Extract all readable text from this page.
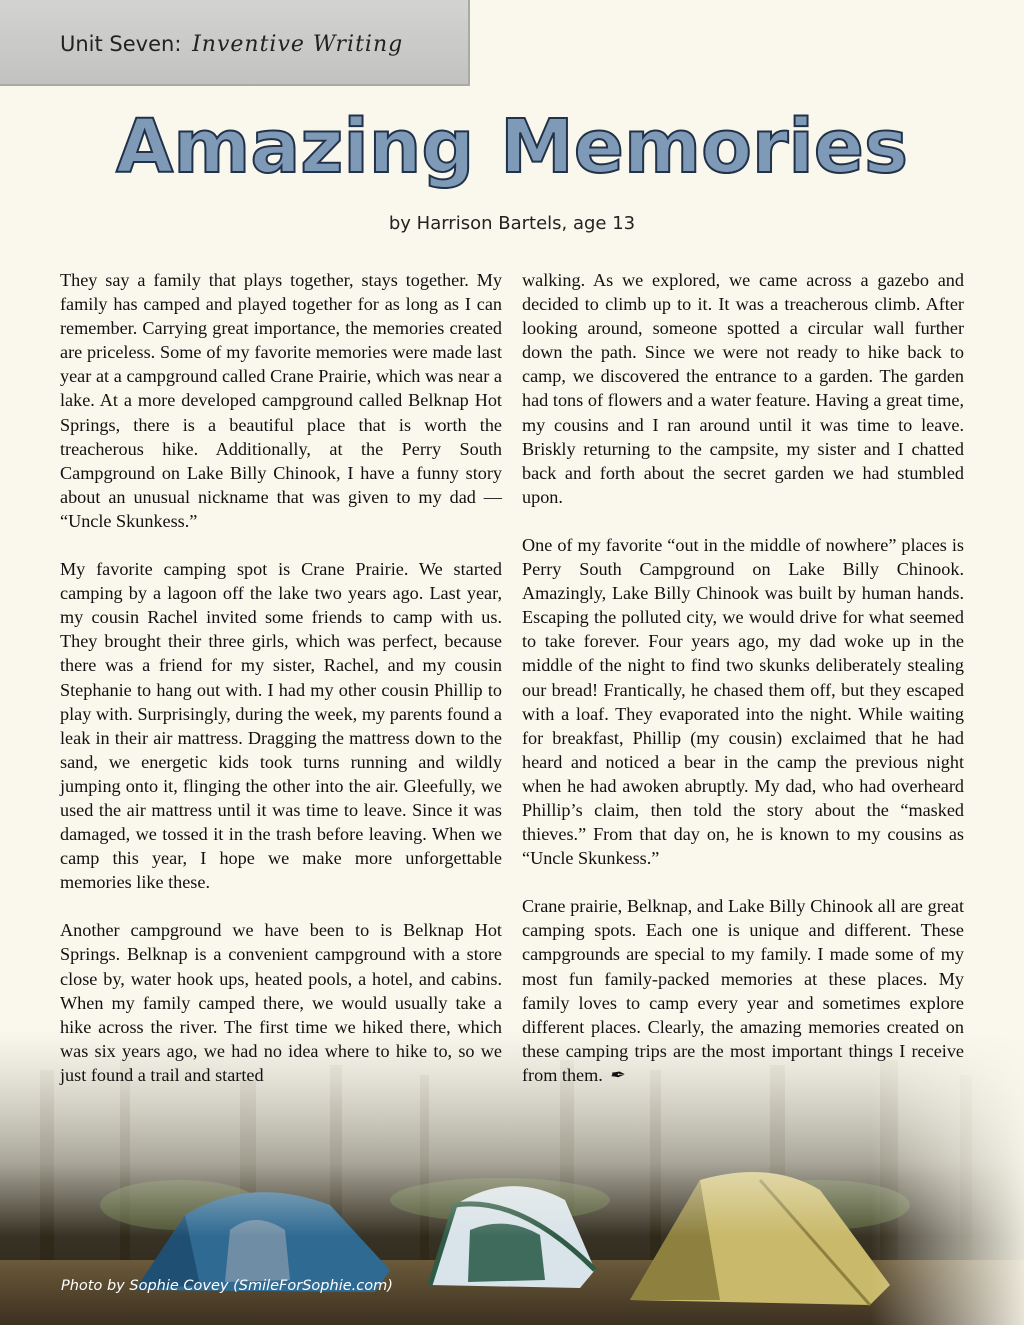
Unit Seven: Inventive Writing
Amazing Memories
by Harrison Bartels, age 13

They say a family that plays together, stays together. My family has camped and played together for as long as I can remember. Carrying great importance, the memories created are priceless. Some of my favorite memories were made last year at a campground called Crane Prairie, which was near a lake. At a more developed campground called Belknap Hot Springs, there is a beautiful place that is worth the treacherous hike. Additionally, at the Perry South Campground on Lake Billy Chinook, I have a funny story about an unusual nickname that was given to my dad — “Uncle Skunkess.”

My favorite camping spot is Crane Prairie. We started camping by a lagoon off the lake two years ago. Last year, my cousin Rachel invited some friends to camp with us. They brought their three girls, which was perfect, because there was a friend for my sister, Rachel, and my cousin Stephanie to hang out with. I had my other cousin Phillip to play with. Surprisingly, during the week, my parents found a leak in their air mattress. Dragging the mattress down to the sand, we energetic kids took turns running and wildly jumping onto it, flinging the other into the air. Gleefully, we used the air mattress until it was time to leave. Since it was damaged, we tossed it in the trash before leaving. When we camp this year, I hope we make more unforgettable memories like these.

Another campground we have been to is Belknap Hot Springs. Belknap is a convenient campground with a store close by, water hook ups, heated pools, a hotel, and cabins. When my family camped there, we would usually take a hike across the river. The first time we hiked there, which was six years ago, we had no idea where to hike to, so we just found a trail and started

walking. As we explored, we came across a gazebo and decided to climb up to it. It was a treacherous climb. After looking around, someone spotted a circular wall further down the path. Since we were not ready to hike back to camp, we discovered the entrance to a garden. The garden had tons of flowers and a water feature. Having a great time, my cousins and I ran around until it was time to leave. Briskly returning to the campsite, my sister and I chatted back and forth about the secret garden we had stumbled upon.

One of my favorite “out in the middle of nowhere” places is Perry South Campground on Lake Billy Chinook. Amazingly, Lake Billy Chinook was built by human hands. Escaping the polluted city, we would drive for what seemed to take forever. Four years ago, my dad woke up in the middle of the night to find two skunks deliberately stealing our bread! Frantically, he chased them off, but they escaped with a loaf. They evaporated into the night. While waiting for breakfast, Phillip (my cousin) exclaimed that he had heard and noticed a bear in the camp the previous night when he had awoken abruptly. My dad, who had overheard Phillip’s claim, then told the story about the “masked thieves.” From that day on, he is known to my cousins as “Uncle Skunkess.”

Crane prairie, Belknap, and Lake Billy Chinook all are great camping spots. Each one is unique and different. These campgrounds are special to my family. I made some of my most fun family-packed memories at these places. My family loves to camp every year and sometimes explore different places. Clearly, the amazing memories created on these camping trips are the most important things I receive from them. ✒

Photo by Sophie Covey (SmileForSophie.com)
